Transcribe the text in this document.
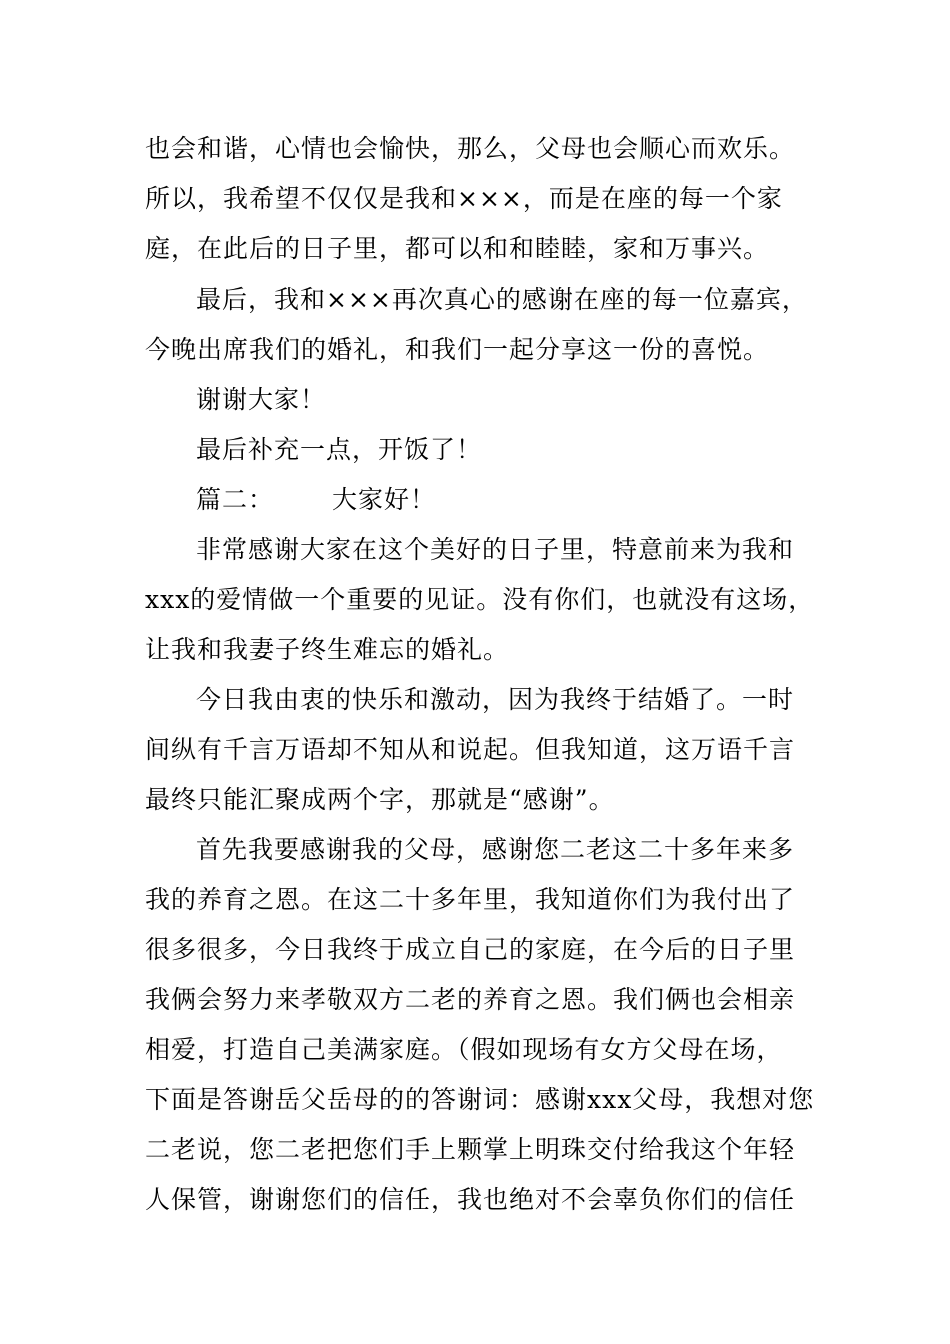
也会和谐，心情也会愉快，那么，父母也会顺心而欢乐。
所以，我希望不仅仅是我和×××，而是在座的每一个家
庭，在此后的日子里，都可以和和睦睦，家和万事兴。
最后，我和×××再次真心的感谢在座的每一位嘉宾，
今晚出席我们的婚礼，和我们一起分享这一份的喜悦。
谢谢大家！
最后补充一点，开饭了！
篇二： 大家好！
非常感谢大家在这个美好的日子里，特意前来为我和
xxx的爱情做一个重要的见证。没有你们，也就没有这场，
让我和我妻子终生难忘的婚礼。
今日我由衷的快乐和激动，因为我终于结婚了。一时
间纵有千言万语却不知从和说起。但我知道，这万语千言
最终只能汇聚成两个字，那就是“感谢”。
首先我要感谢我的父母，感谢您二老这二十多年来多
我的养育之恩。在这二十多年里，我知道你们为我付出了
很多很多，今日我终于成立自己的家庭，在今后的日子里
我俩会努力来孝敬双方二老的养育之恩。我们俩也会相亲
相爱，打造自己美满家庭。（假如现场有女方父母在场，
下面是答谢岳父岳母的的答谢词：感谢xxx父母，我想对您
二老说，您二老把您们手上颗掌上明珠交付给我这个年轻
人保管，谢谢您们的信任，我也绝对不会辜负你们的信任
